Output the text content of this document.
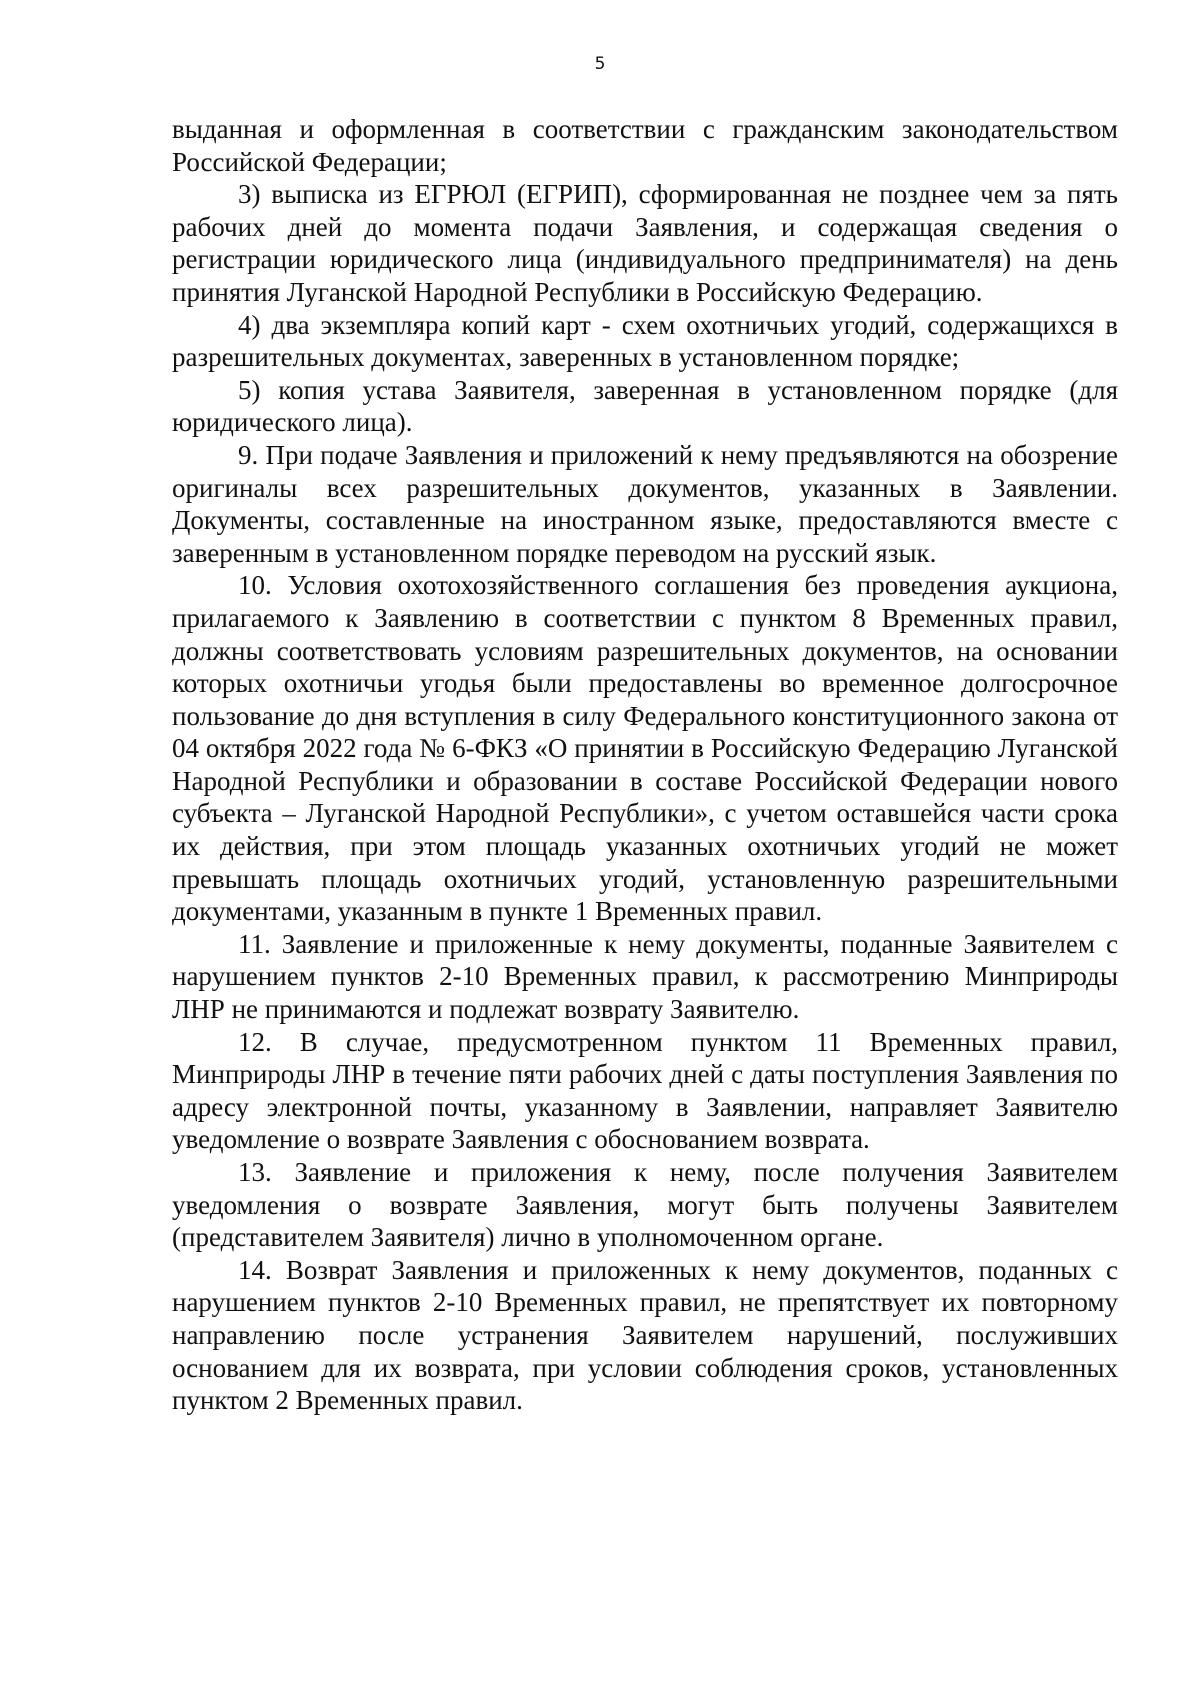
5

выданная и оформленная в соответствии с гражданским законодательством Российской Федерации;

3) выписка из ЕГРЮЛ (ЕГРИП), сформированная не позднее чем за пять рабочих дней до момента подачи Заявления, и содержащая сведения о регистрации юридического лица (индивидуального предпринимателя) на день принятия Луганской Народной Республики в Российскую Федерацию.

4) два экземпляра копий карт - схем охотничьих угодий, содержащихся в разрешительных документах, заверенных в установленном порядке;

5) копия устава Заявителя, заверенная в установленном порядке (для юридического лица).

9. При подаче Заявления и приложений к нему предъявляются на обозрение оригиналы всех разрешительных документов, указанных в Заявлении. Документы, составленные на иностранном языке, предоставляются вместе с заверенным в установленном порядке переводом на русский язык.

10. Условия охотохозяйственного соглашения без проведения аукциона, прилагаемого к Заявлению в соответствии с пунктом 8 Временных правил, должны соответствовать условиям разрешительных документов, на основании которых охотничьи угодья были предоставлены во временное долгосрочное пользование до дня вступления в силу Федерального конституционного закона от 04 октября 2022 года № 6-ФКЗ «О принятии в Российскую Федерацию Луганской Народной Республики и образовании в составе Российской Федерации нового субъекта – Луганской Народной Республики», с учетом оставшейся части срока их действия, при этом площадь указанных охотничьих угодий не может превышать площадь охотничьих угодий, установленную разрешительными документами, указанным в пункте 1 Временных правил.

11. Заявление и приложенные к нему документы, поданные Заявителем с нарушением пунктов 2-10 Временных правил, к рассмотрению Минприроды ЛНР не принимаются и подлежат возврату Заявителю.

12. В случае, предусмотренном пунктом 11 Временных правил, Минприроды ЛНР в течение пяти рабочих дней с даты поступления Заявления по адресу электронной почты, указанному в Заявлении, направляет Заявителю уведомление о возврате Заявления с обоснованием возврата.

13. Заявление и приложения к нему, после получения Заявителем уведомления о возврате Заявления, могут быть получены Заявителем (представителем Заявителя) лично в уполномоченном органе.

14. Возврат Заявления и приложенных к нему документов, поданных с нарушением пунктов 2-10 Временных правил, не препятствует их повторному направлению после устранения Заявителем нарушений, послуживших основанием для их возврата, при условии соблюдения сроков, установленных пунктом 2 Временных правил.
